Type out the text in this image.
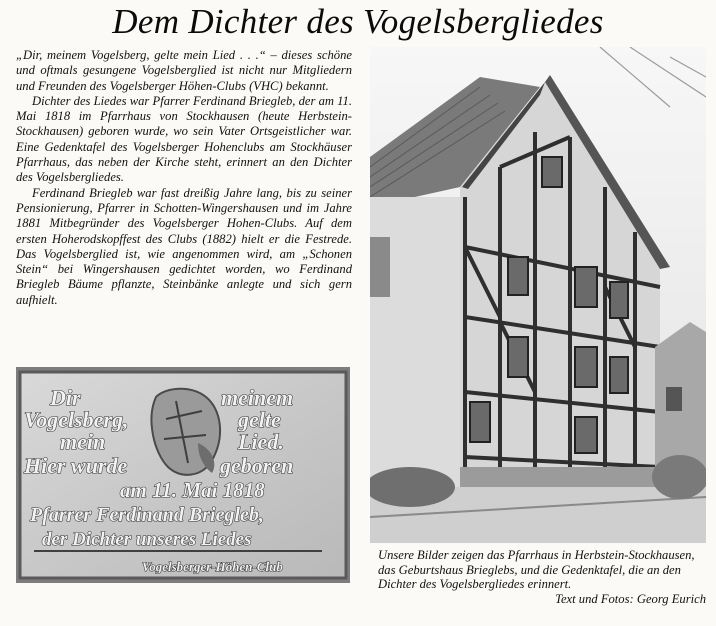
Dem Dichter des Vogelsbergliedes

„Dir, meinem Vogelsberg, gelte mein Lied . . .“ – dieses schöne und oftmals gesungene Vogelsberglied ist nicht nur Mitgliedern und Freunden des Vogelsberger Höhen-Clubs (VHC) bekannt.

Dichter des Liedes war Pfarrer Ferdinand Briegleb, der am 11. Mai 1818 im Pfarrhaus von Stockhausen (heute Herbstein-Stockhausen) geboren wurde, wo sein Vater Ortsgeistlicher war. Eine Gedenktafel des Vogelsberger Hohenclubs am Stockhäuser Pfarrhaus, das neben der Kirche steht, erinnert an den Dichter des Vogelsbergliedes.

Ferdinand Briegleb war fast dreißig Jahre lang, bis zu seiner Pensionierung, Pfarrer in Schotten-Wingershausen und im Jahre 1881 Mitbegründer des Vogelsberger Hohen-Clubs. Auf dem ersten Hoherodskopffest des Clubs (1882) hielt er die Festrede. Das Vogelsberglied ist, wie angenommen wird, am „Schonen Stein“ bei Wingershausen gedichtet worden, wo Ferdinand Briegleb Bäume pflanzte, Steinbänke anlegte und sich gern aufhielt.

Dir	meinem
Vogelsberg,	gelte
mein	Lied.
Hier wurde	geboren
am 11. Mai 1818
Pfarrer Ferdinand Briegleb,
der Dichter unseres Liedes
Vogelsberger-Höhen-Club
Unsere Bilder zeigen das Pfarrhaus in Herbstein-Stockhausen, das Geburtshaus Brieglebs, und die Gedenktafel, die an den Dichter des Vogelsbergliedes erinnert.
Text und Fotos: Georg Eurich
